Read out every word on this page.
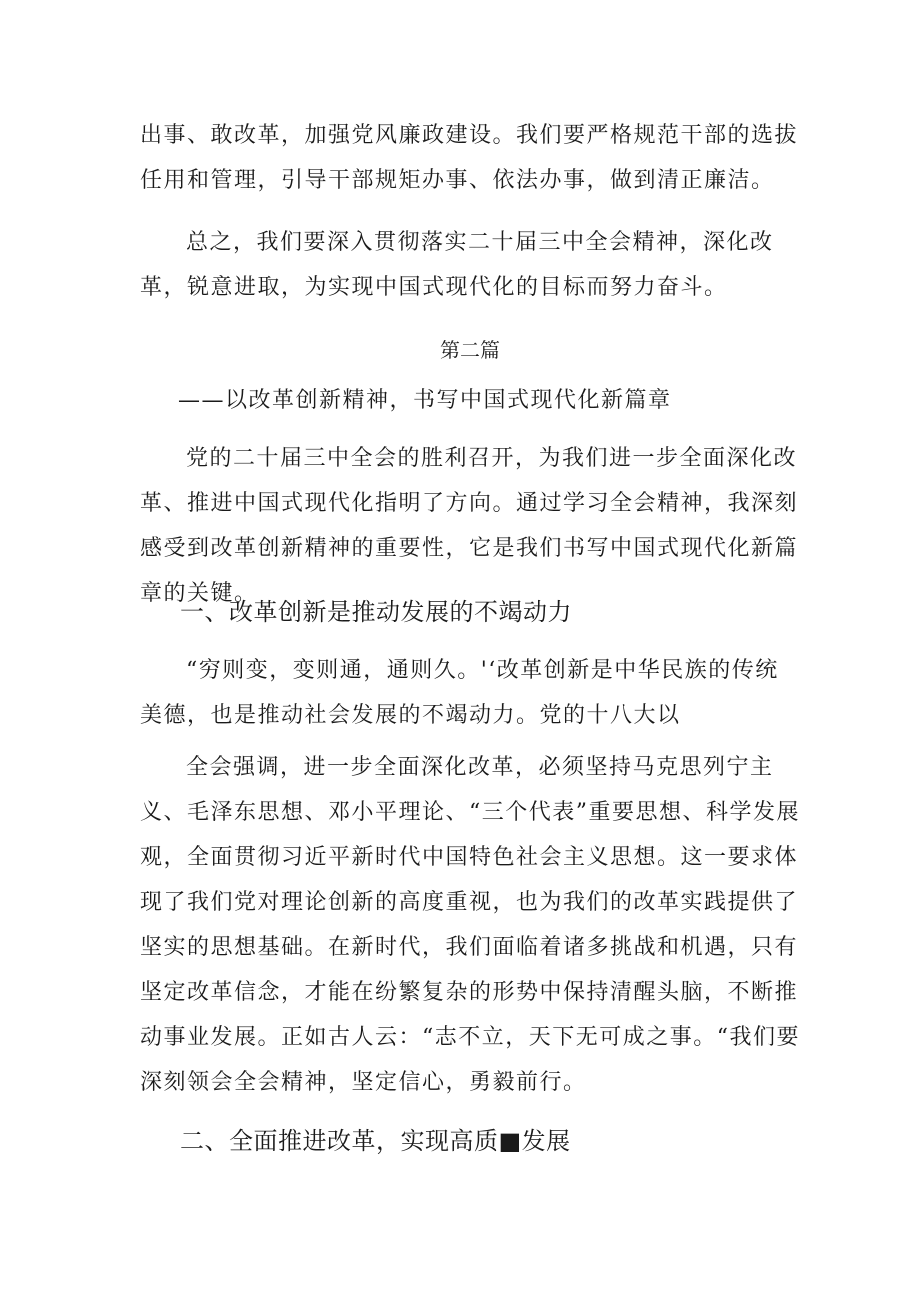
出事、敢改革，加强党风廉政建设。我们要严格规范干部的选拔任用和管理，引导干部规矩办事、依法办事，做到清正廉洁。

总之，我们要深入贯彻落实二十届三中全会精神，深化改革，锐意进取，为实现中国式现代化的目标而努力奋斗。

第二篇

——以改革创新精神，书写中国式现代化新篇章

党的二十届三中全会的胜利召开，为我们进一步全面深化改革、推进中国式现代化指明了方向。通过学习全会精神，我深刻感受到改革创新精神的重要性，它是我们书写中国式现代化新篇章的关键。

一、改革创新是推动发展的不竭动力

“穷则变，变则通，通则久。'‘改革创新是中华民族的传统美德，也是推动社会发展的不竭动力。党的十八大以

全会强调，进一步全面深化改革，必须坚持马克思列宁主义、毛泽东思想、邓小平理论、“三个代表”重要思想、科学发展观，全面贯彻习近平新时代中国特色社会主义思想。这一要求体现了我们党对理论创新的高度重视，也为我们的改革实践提供了坚实的思想基础。在新时代，我们面临着诸多挑战和机遇，只有坚定改革信念，才能在纷繁复杂的形势中保持清醒头脑，不断推动事业发展。正如古人云：“志不立，天下无可成之事。“我们要深刻领会全会精神，坚定信心，勇毅前行。

二、全面推进改革，实现高质■发展
